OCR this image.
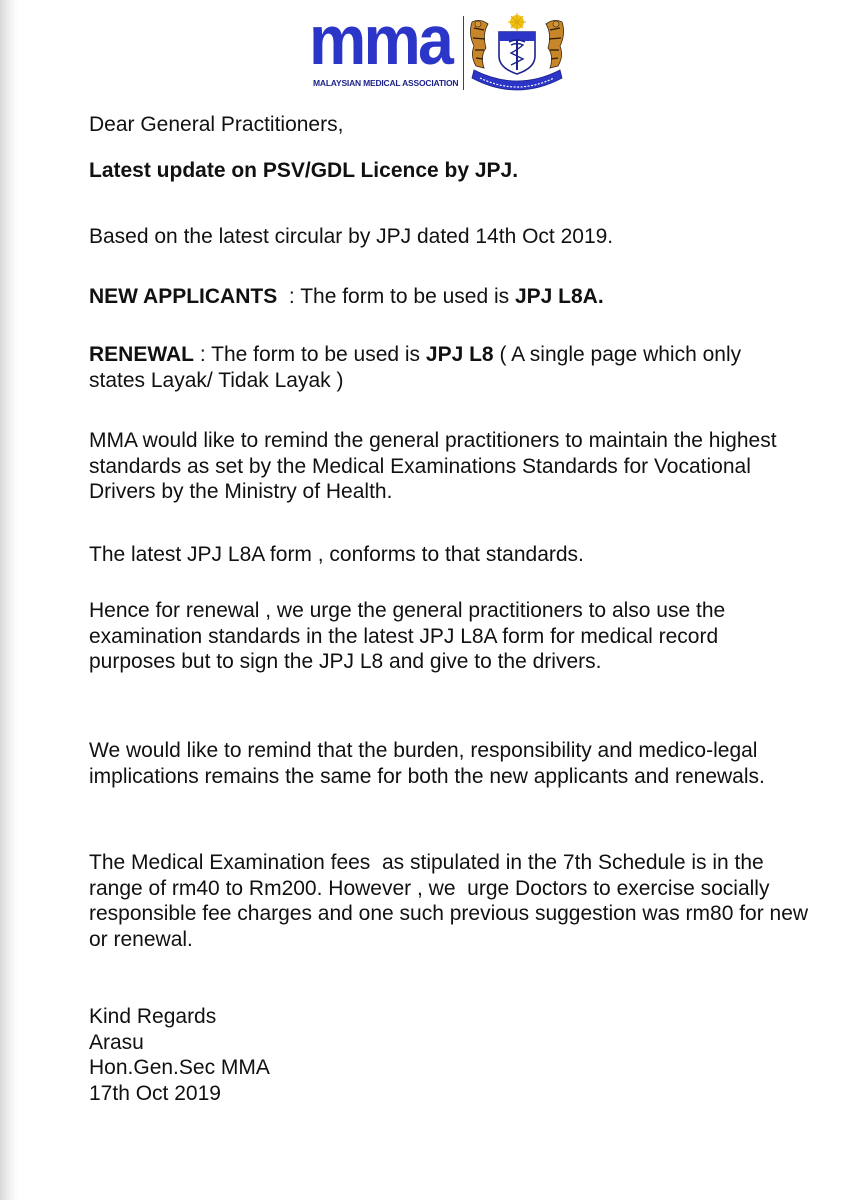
mma
MALAYSIAN MEDICAL ASSOCIATION

Dear General Practitioners,

Latest update on PSV/GDL Licence by JPJ.

Based on the latest circular by JPJ dated 14th Oct 2019.

NEW APPLICANTS  : The form to be used is JPJ L8A.

RENEWAL : The form to be used is JPJ L8 ( A single page which only states Layak/ Tidak Layak )

MMA would like to remind the general practitioners to maintain the highest standards as set by the Medical Examinations Standards for Vocational Drivers by the Ministry of Health.

The latest JPJ L8A form , conforms to that standards.

Hence for renewal , we urge the general practitioners to also use the examination standards in the latest JPJ L8A form for medical record purposes but to sign the JPJ L8 and give to the drivers.

We would like to remind that the burden, responsibility and medico-legal implications remains the same for both the new applicants and renewals.

The Medical Examination fees  as stipulated in the 7th Schedule is in the range of rm40 to Rm200. However , we  urge Doctors to exercise socially responsible fee charges and one such previous suggestion was rm80 for new or renewal.

Kind Regards
Arasu
Hon.Gen.Sec MMA
17th Oct 2019
